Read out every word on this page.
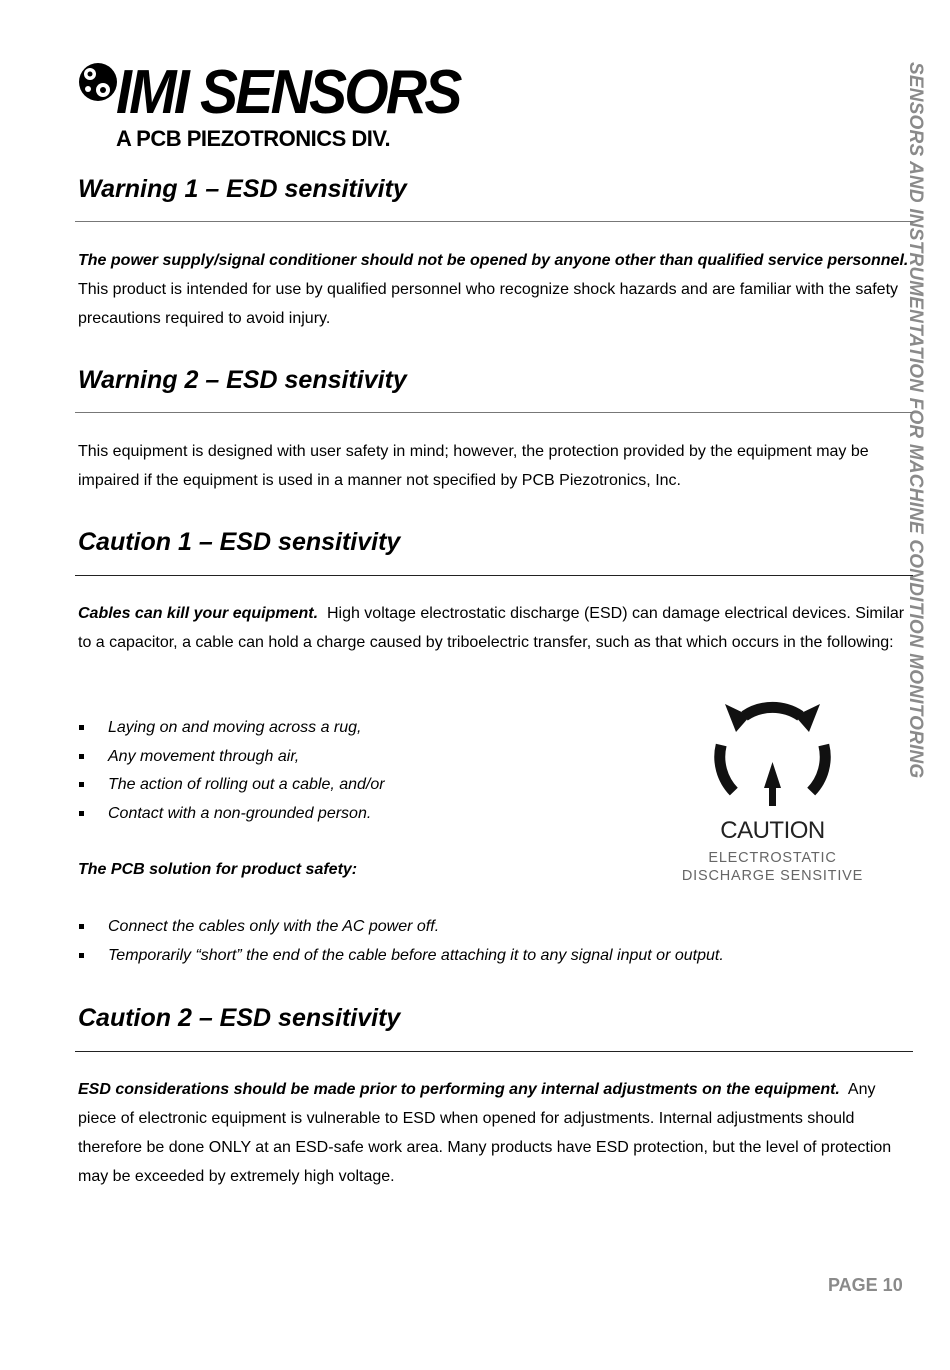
IMI SENSORS
A PCB PIEZOTRONICS DIV.	SENSORS AND INSTRUMENTATION FOR MACHINE CONDITION MONITORING
Warning 1 – ESD sensitivity

The power supply/signal conditioner should not be opened by anyone other than qualified service personnel.  This product is intended for use by qualified personnel who recognize shock hazards and are familiar with the safety precautions required to avoid injury.

Warning 2 – ESD sensitivity

This equipment is designed with user safety in mind; however, the protection provided by the equipment may be impaired if the equipment is used in a manner not specified by PCB Piezotronics, Inc.

Caution 1 – ESD sensitivity

Cables can kill your equipment. High voltage electrostatic discharge (ESD) can damage electrical devices. Similar to a capacitor, a cable can hold a charge caused by triboelectric transfer, such as that which occurs in the following:

Laying on and moving across a rug,
Any movement through air,
The action of rolling out a cable, and/or
Contact with a non-grounded person.

The PCB solution for product safety:

Connect the cables only with the AC power off.
Temporarily “short” the end of the cable before attaching it to any signal input or output.
CAUTION
ELECTROSTATIC
DISCHARGE SENSITIVE
Caution 2 – ESD sensitivity

ESD considerations should be made prior to performing any internal adjustments on the equipment. Any piece of electronic equipment is vulnerable to ESD when opened for adjustments. Internal adjustments should therefore be done ONLY at an ESD-safe work area. Many products have ESD protection, but the level of protection may be exceeded by extremely high voltage.

PAGE 10
